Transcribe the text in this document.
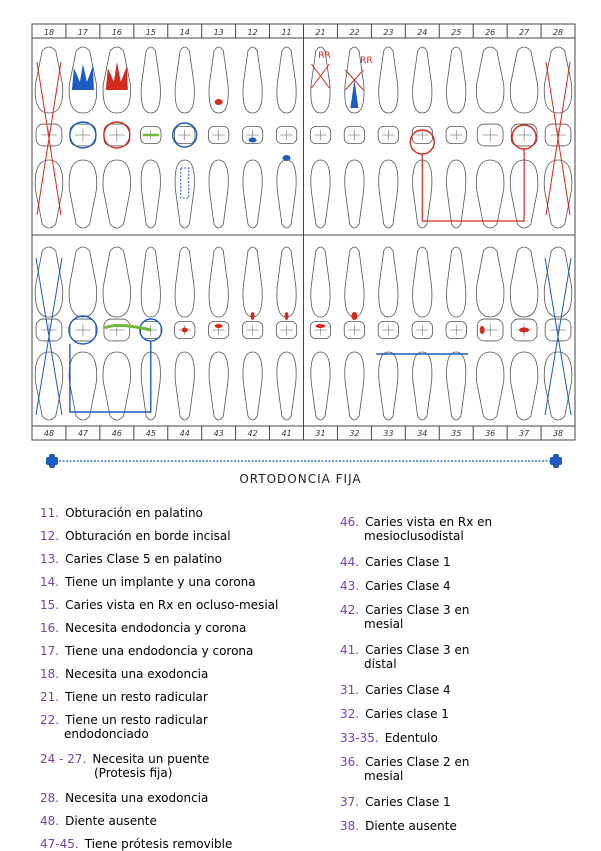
18	17	16	15	14	13	12	11	21	22	23	24	25	26	27	28
48	47	46	45	44	43	42	41	31	32	33	34	35	36	37	38
RR	RR
ORTODONCIA FIJA
11. Obturación en palatino
12. Obturación en borde incisal
13. Caries Clase 5 en palatino
14. Tiene un implante y una corona
15. Caries vista en Rx en ocluso-mesial
16. Necesita endodoncia y corona
17. Tiene una endodoncia y corona
18. Necesita una exodoncia
21. Tiene un resto radicular
22. Tiene un resto radicular
endodonciado
24 - 27. Necesita un puente
(Protesis fija)
28. Necesita una exodoncia
48. Diente ausente
47-45. Tiene prótesis removible
46. Caries vista en Rx en
mesioclusodistal
44. Caries Clase 1
43. Caries Clase 4
42. Caries Clase 3 en
mesial
41. Caries Clase 3 en
distal
31. Caries Clase 4
32. Caries clase 1
33-35. Edentulo
36. Caries Clase 2 en
mesial
37. Caries Clase 1
38. Diente ausente
